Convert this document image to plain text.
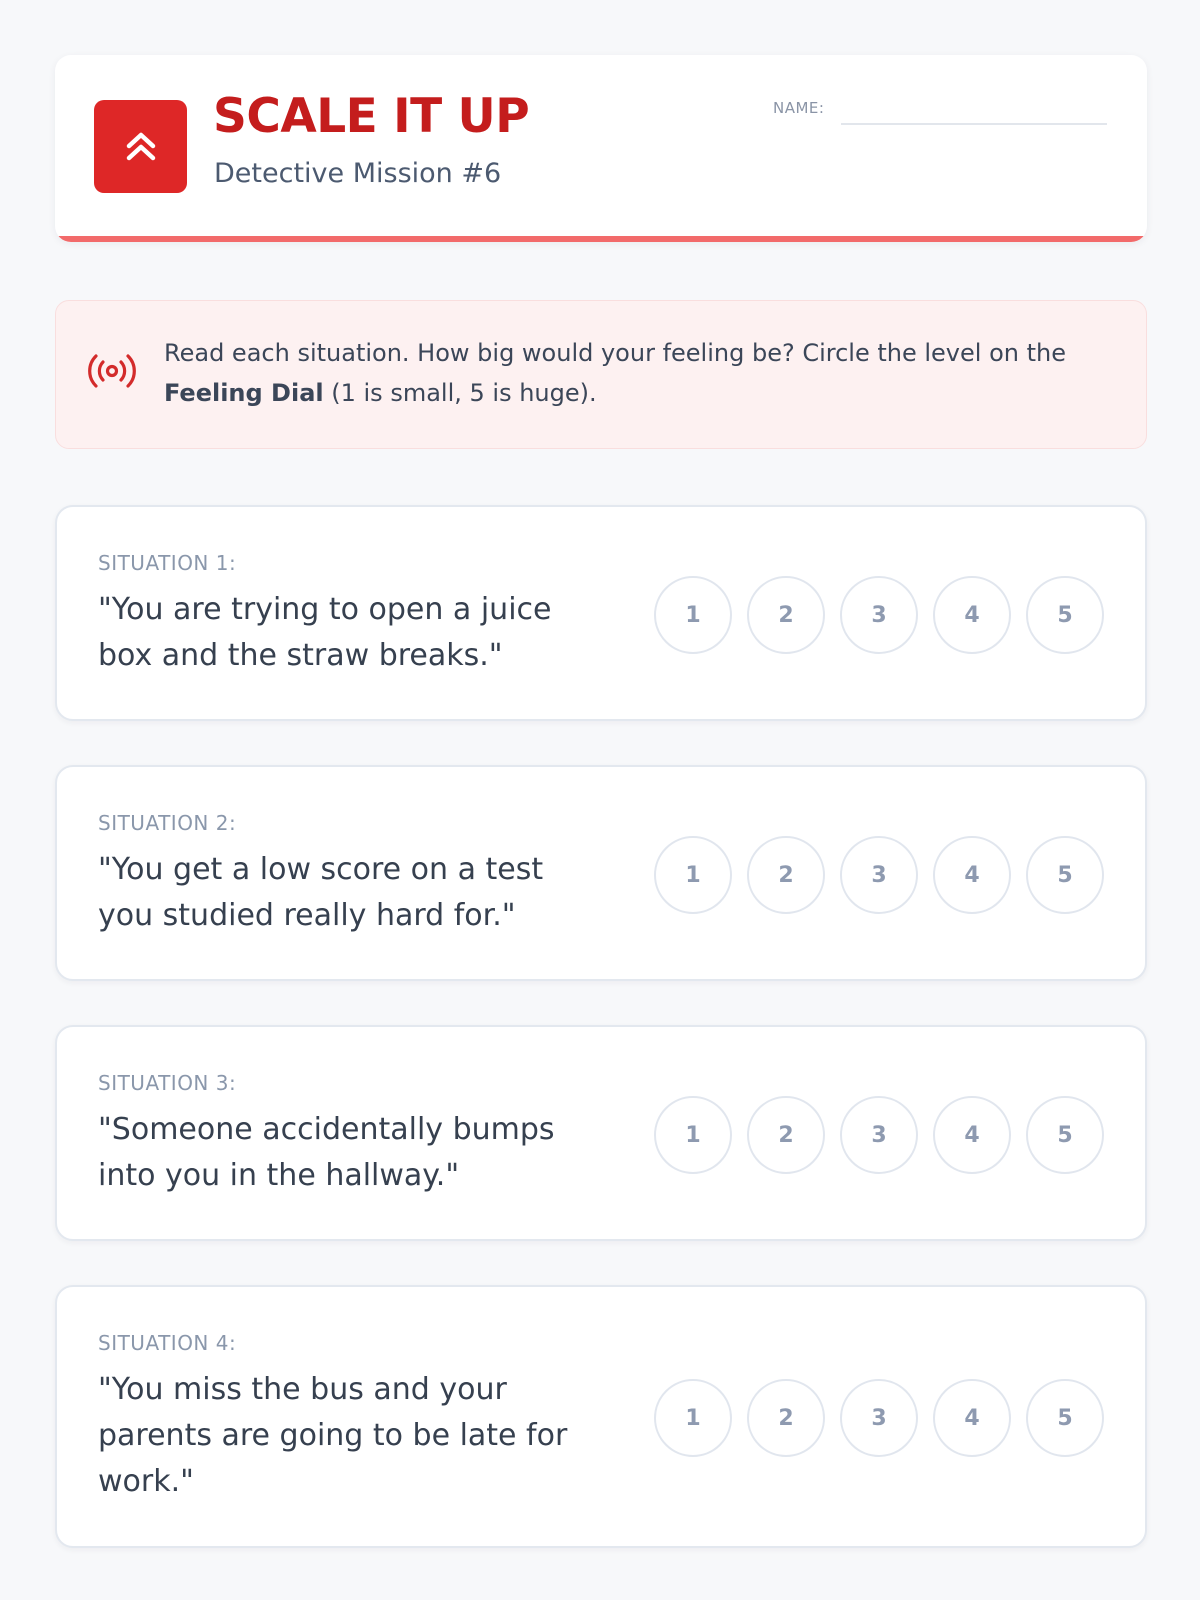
SCALE IT UP
Detective Mission #6
NAME:
Read each situation. How big would your feeling be? Circle the level on the Feeling Dial (1 is small, 5 is huge).
SITUATION 1:
"You are trying to open a juice box and the straw breaks."
1	2	3	4	5
SITUATION 2:
"You get a low score on a test you studied really hard for."
1	2	3	4	5
SITUATION 3:
"Someone accidentally bumps into you in the hallway."
1	2	3	4	5
SITUATION 4:
"You miss the bus and your parents are going to be late for work."
1	2	3	4	5
